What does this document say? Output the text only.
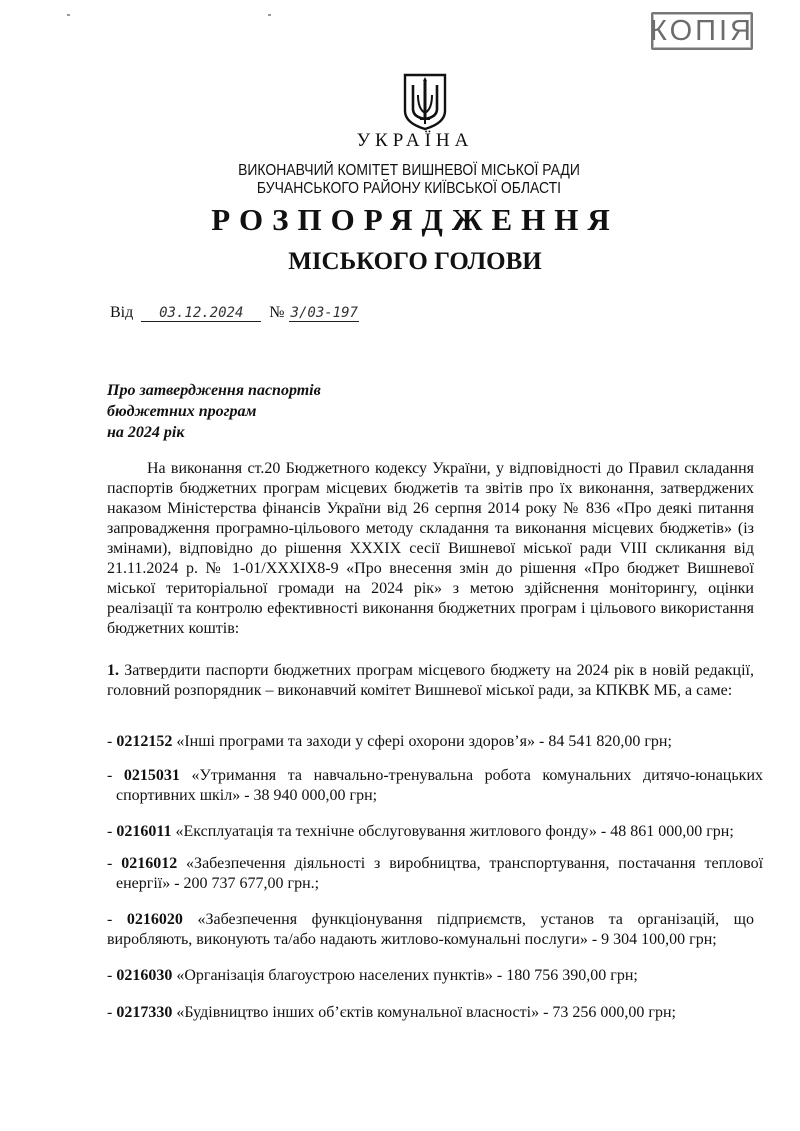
КОПІЯ
УКРАЇНА
ВИКОНАВЧИЙ КОМІТЕТ ВИШНЕВОЇ МІСЬКОЇ РАДИ
БУЧАНСЬКОГО РАЙОНУ КИЇВСЬКОЇ ОБЛАСТІ
РОЗПОРЯДЖЕННЯ
МІСЬКОГО ГОЛОВИ
Від 03.12.2024 № 3/03-197
Про затвердження паспортів
бюджетних програм
на 2024 рік
На виконання ст.20 Бюджетного кодексу України, у відповідності до Правил складання паспортів бюджетних програм місцевих бюджетів та звітів про їх виконання, затверджених наказом Міністерства фінансів України від 26 серпня 2014 року № 836 «Про деякі питання запровадження програмно-цільового методу складання та виконання місцевих бюджетів» (із змінами), відповідно до рішення XXXIX сесії Вишневої міської ради VIII скликання від 21.11.2024 р. № 1-01/XXXIX8-9 «Про внесення змін до рішення «Про бюджет Вишневої міської територіальної громади на 2024 рік» з метою здійснення моніторингу, оцінки реалізації та контролю ефективності виконання бюджетних програм і цільового використання бюджетних коштів:
1. Затвердити паспорти бюджетних програм місцевого бюджету на 2024 рік в новій редакції, головний розпорядник – виконавчий комітет Вишневої міської ради, за КПКВК МБ, а саме:
- 0212152 «Інші програми та заходи у сфері охорони здоров’я» - 84 541 820,00 грн;
- 0215031 «Утримання та навчально-тренувальна робота комунальних дитячо-юнацьких спортивних шкіл» - 38 940 000,00 грн;
- 0216011 «Експлуатація та технічне обслуговування житлового фонду» - 48 861 000,00 грн;
- 0216012 «Забезпечення діяльності з виробництва, транспортування, постачання теплової енергії» - 200 737 677,00 грн.;
- 0216020 «Забезпечення функціонування підприємств, установ та організацій, що виробляють, виконують та/або надають житлово-комунальні послуги» - 9 304 100,00 грн;
- 0216030 «Організація благоустрою населених пунктів» - 180 756 390,00 грн;
- 0217330 «Будівництво інших об’єктів комунальної власності» - 73 256 000,00 грн;
